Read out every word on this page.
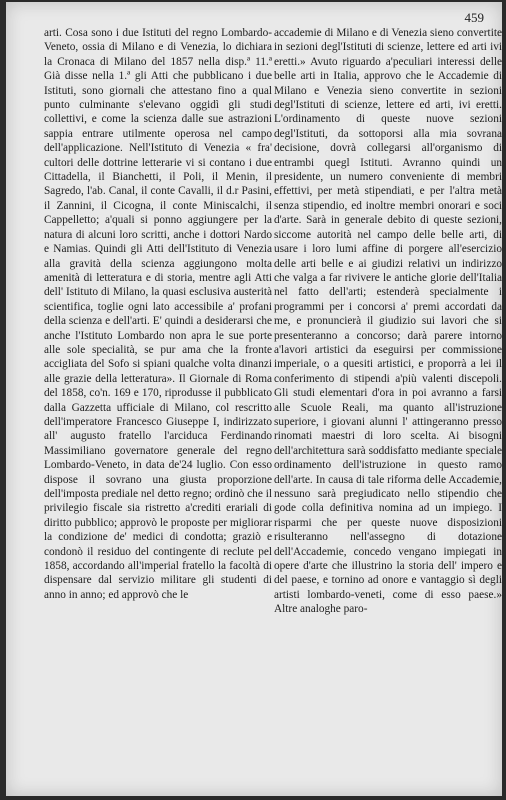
459

arti. Cosa sono i due Istituti del regno Lombardo-Veneto, ossia di Milano e di Venezia, lo dichiara la Cronaca di Milano del 1857 nella disp.ª 11.ª Già disse nella 1.ª gli Atti che pubblicano i due Istituti, sono giornali che attestano fino a qual punto culminante s'elevano oggidì gli studi collettivi, e come la scienza dalle sue astrazioni sappia entrare utilmente operosa nel campo dell'applicazione. Nell'Istituto di Venezia « fra' cultori delle dottrine letterarie vi si contano i due Cittadella, il Bianchetti, il Poli, il Menin, il Sagredo, l'ab. Canal, il conte Cavalli, il d.r Pasini, il Zannini, il Cicogna, il conte Miniscalchi, il Cappelletto; a'quali si ponno aggiungere per la natura di alcuni loro scritti, anche i dottori Nardo e Namias. Quindi gli Atti dell'Istituto di Venezia alla gravità della scienza aggiungono molta amenità di letteratura e di storia, mentre agli Atti dell' Istituto di Milano, la quasi esclusiva austerità scientifica, toglie ogni lato accessibile a' profani della scienza e dell'arti. E' quindi a desiderarsi che anche l'Istituto Lombardo non apra le sue porte alle sole specialità, se pur ama che la fronte accigliata del Sofo si spiani qualche volta dinanzi alle grazie della letteratura». Il Giornale di Roma del 1858, co'n. 169 e 170, riprodusse il pubblicato dalla Gazzetta ufficiale di Milano, col rescritto dell'imperatore Francesco Giuseppe I, indirizzato all' augusto fratello l'arciduca Ferdinando Massimiliano governatore generale del regno Lombardo-Veneto, in data de'24 luglio. Con esso dispose il sovrano una giusta proporzione dell'imposta prediale nel detto regno; ordinò che il privilegio fiscale sia ristretto a'crediti erariali di diritto pubblico; approvò le proposte per migliorar la condizione de' medici di condotta; graziò e condonò il residuo del contingente di reclute pel 1858, accordando all'imperial fratello la facoltà di dispensare dal servizio militare gli studenti di anno in anno; ed approvò che le

accademie di Milano e di Venezia sieno convertite in sezioni degl'Istituti di scienze, lettere ed arti ivi eretti.» Avuto riguardo a'peculiari interessi delle belle arti in Italia, approvo che le Accademie di Milano e Venezia sieno convertite in sezioni degl'Istituti di scienze, lettere ed arti, ivi eretti. L'ordinamento di queste nuove sezioni degl'Istituti, da sottoporsi alla mia sovrana decisione, dovrà collegarsi all'organismo di entrambi quegl Istituti. Avranno quindi un presidente, un numero conveniente di membri effettivi, per metà stipendiati, e per l'altra metà senza stipendio, ed inoltre membri onorari e soci d'arte. Sarà in generale debito di queste sezioni, siccome autorità nel campo delle belle arti, di usare i loro lumi affine di porgere all'esercizio delle arti belle e ai giudizi relativi un indirizzo che valga a far rivivere le antiche glorie dell'Italia nel fatto dell'arti; estenderà specialmente i programmi per i concorsi a' premi accordati da me, e pronuncierà il giudizio sui lavori che si presenteranno a concorso; darà parere intorno a'lavori artistici da eseguirsi per commissione imperiale, o a quesiti artistici, e proporrà a lei il conferimento di stipendi a'più valenti discepoli. Gli studi elementari d'ora in poi avranno a farsi alle Scuole Reali, ma quanto all'istruzione superiore, i giovani alunni l' attingeranno presso rinomati maestri di loro scelta. Ai bisogni dell'architettura sarà soddisfatto mediante speciale ordinamento dell'istruzione in questo ramo dell'arte. In causa di tale riforma delle Accademie, nessuno sarà pregiudicato nello stipendio che gode colla definitiva nomina ad un impiego. I risparmi che per queste nuove disposizioni risulteranno nell'assegno di dotazione dell'Accademie, concedo vengano impiegati in opere d'arte che illustrino la storia dell' impero e del paese, e tornino ad onore e vantaggio sì degli artisti lombardo-veneti, come di esso paese.» Altre analoghe paro-
